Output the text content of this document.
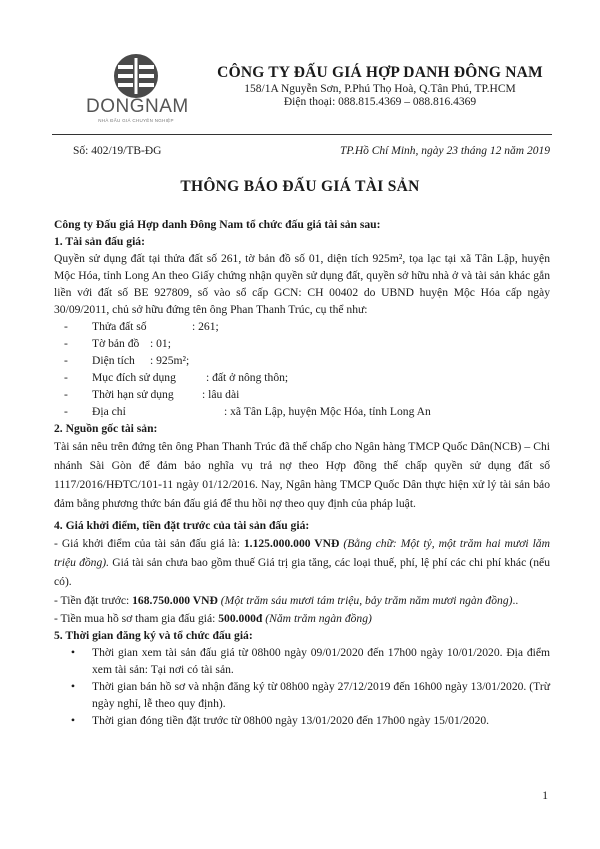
DONGNAM
NHÀ ĐẤU GIÁ CHUYÊN NGHIỆP
CÔNG TY ĐẤU GIÁ HỢP DANH ĐÔNG NAM
158/1A Nguyễn Sơn, P.Phú Thọ Hoà, Q.Tân Phú, TP.HCM
Điện thoại: 088.815.4369 – 088.816.4369
Số: 402/19/TB-ĐG	TP.Hồ Chí Minh, ngày 23 tháng 12 năm 2019
THÔNG BÁO ĐẤU GIÁ TÀI SẢN

Công ty Đấu giá Hợp danh Đông Nam tổ chức đấu giá tài sản sau:

1. Tài sản đấu giá:

Quyền sử dụng đất tại thửa đất số 261, tờ bản đồ số 01, diện tích 925m², tọa lạc tại xã Tân Lập, huyện Mộc Hóa, tỉnh Long An theo Giấy chứng nhận quyền sử dụng đất, quyền sở hữu nhà ở và tài sản khác gắn liền với đất số BE 927809, số vào sổ cấp GCN: CH 00402 do UBND huyện Mộc Hóa cấp ngày 30/09/2011, chủ sở hữu đứng tên ông Phan Thanh Trúc, cụ thể như:

-	Thửa đất số	: 261;
-	Tờ bản đồ : 01;
-	Diện tích	: 925m²;
-	Mục đích sử dụng	: đất ở nông thôn;
-	Thời hạn sử dụng	: lâu dài
-	Địa chỉ	: xã Tân Lập, huyện Mộc Hóa, tỉnh Long An

2. Nguồn gốc tài sản:

Tài sản nêu trên đứng tên ông Phan Thanh Trúc đã thế chấp cho Ngân hàng TMCP Quốc Dân(NCB) – Chi nhánh Sài Gòn để đảm bảo nghĩa vụ trả nợ theo Hợp đồng thế chấp quyền sử dụng đất số 1117/2016/HĐTC/101-11 ngày 01/12/2016. Nay, Ngân hàng TMCP Quốc Dân thực hiện xử lý tài sản bảo đảm bằng phương thức bán đấu giá để thu hồi nợ theo quy định của pháp luật.

4. Giá khởi điểm, tiền đặt trước của tài sản đấu giá:

- Giá khởi điểm của tài sản đấu giá là: 1.125.000.000 VNĐ (Bằng chữ: Một tỷ, một trăm hai mươi lăm triệu đồng). Giá tài sản chưa bao gồm thuế Giá trị gia tăng, các loại thuế, phí, lệ phí các chi phí khác (nếu có).

- Tiền đặt trước: 168.750.000 VNĐ (Một trăm sáu mươi tám triệu, bảy trăm năm mươi ngàn đồng)..

- Tiền mua hồ sơ tham gia đấu giá: 500.000đ (Năm trăm ngàn đồng)

5. Thời gian đăng ký và tổ chức đấu giá:

•	Thời gian xem tài sản đấu giá từ 08h00 ngày 09/01/2020 đến 17h00 ngày 10/01/2020. Địa điểm xem tài sản: Tại nơi có tài sản.
•	Thời gian bán hồ sơ và nhận đăng ký từ 08h00 ngày 27/12/2019 đến 16h00 ngày 13/01/2020. (Trừ ngày nghỉ, lễ theo quy định).
•	Thời gian đóng tiền đặt trước từ 08h00 ngày 13/01/2020 đến 17h00 ngày 15/01/2020.
1
